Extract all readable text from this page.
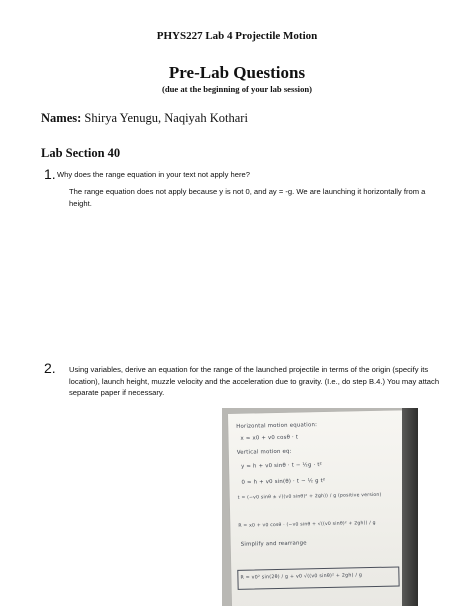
PHYS227 Lab 4 Projectile Motion
Pre-Lab Questions
(due at the beginning of your lab session)
Names: Shirya Yenugu, Naqiyah Kothari
Lab Section 40
1. Why does the range equation in your text not apply here?
The range equation does not apply because y is not 0, and ay = -g. We are launching it horizontally from a height.
2. Using variables, derive an equation for the range of the launched projectile in terms of the origin (specify its location), launch height, muzzle velocity and the acceleration due to gravity. (I.e., do step B.4.) You may attach separate paper if necessary.
Horizontal motion equation:
x = x0 + v0 cosθ · t
Vertical motion eq:
y = h + v0 sinθ · t − ½g · t²
0 = h + v0 sin(θ) · t − ½ g t²
t = (−v0 sinθ ± √((v0 sinθ)² + 2gh)) / g (positive version)
R = x0 + v0 cosθ · (−v0 sinθ + √((v0 sinθ)² + 2gh)) / g
Simplify and rearrange
R = v0² sin(2θ) / g + v0 √((v0 sinθ)² + 2gh) / g
